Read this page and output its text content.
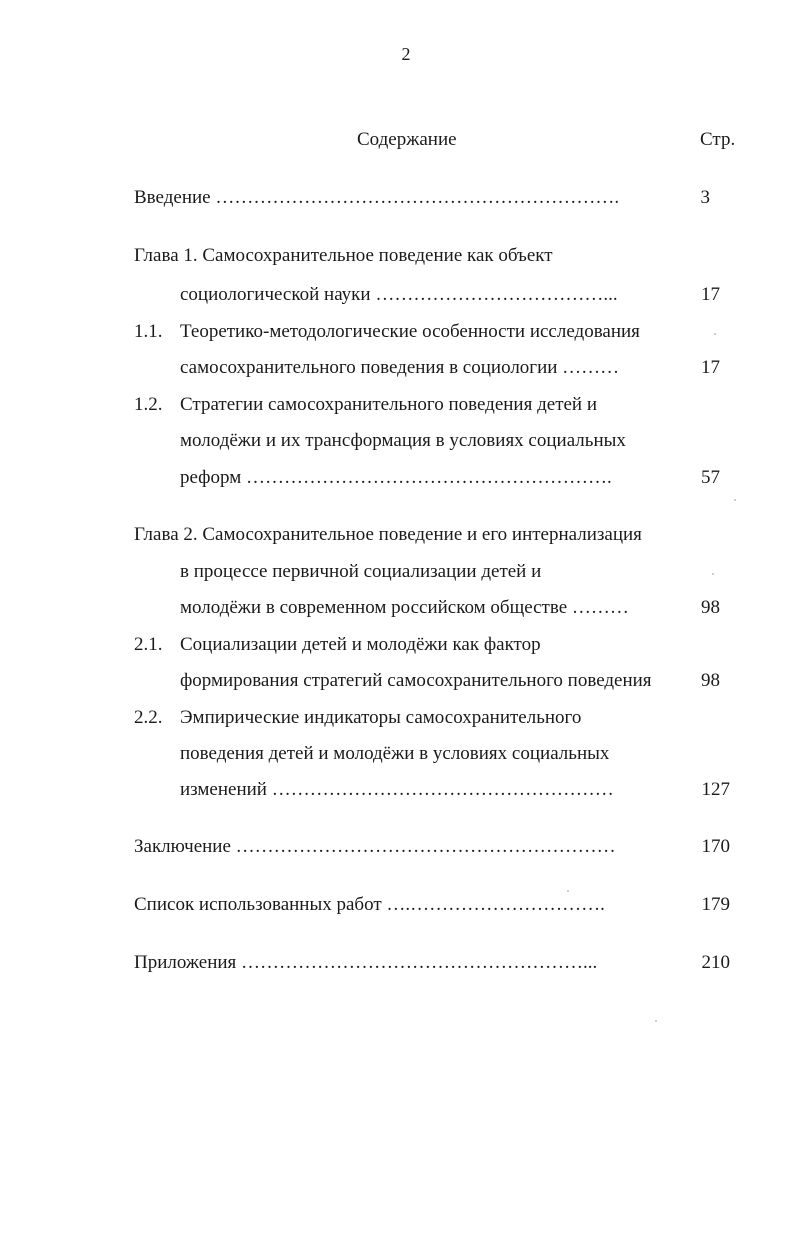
2
Содержание	Стр.
Введение ……………………………………………………….	3
Глава 1. Самосохранительное поведение как объект
социологической науки ………………………………...	17
1.1. Теоретико-методологические особенности исследования
самосохранительного поведения в социологии ………	17
1.2. Стратегии самосохранительного поведения детей и
молодёжи и их трансформация в условиях социальных
реформ ………………………………………………….	57
Глава 2. Самосохранительное поведение и его интернализация
в процессе первичной социализации детей и
молодёжи в современном российском обществе ………	98
2.1. Социализации детей и молодёжи как фактор
формирования стратегий самосохранительного поведения	98
2.2. Эмпирические индикаторы самосохранительного
поведения детей и молодёжи в условиях социальных
изменений ………………………………………………	127
Заключение ……………………………………………………	170
Список использованных работ ….………………………….	179
Приложения ………………………………………………...	210
